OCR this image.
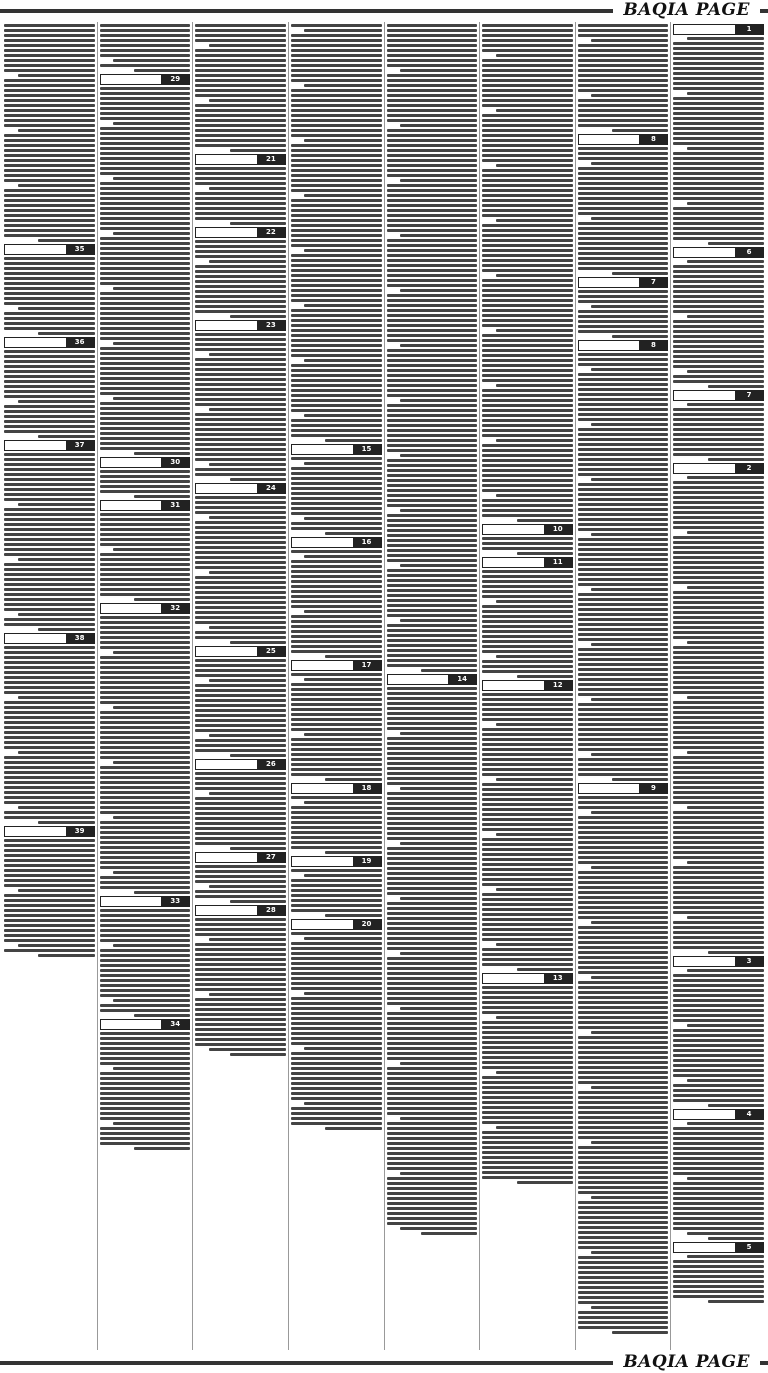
BAQIA PAGE
1
6
7
2
3
4
5
8
7
8
9
10
11
12
13
14
15
16
17
18
19
20
21
22
23
24
25
26
27
28
29
30
31
32
33
34
35
36
37
38
39
BAQIA PAGE
